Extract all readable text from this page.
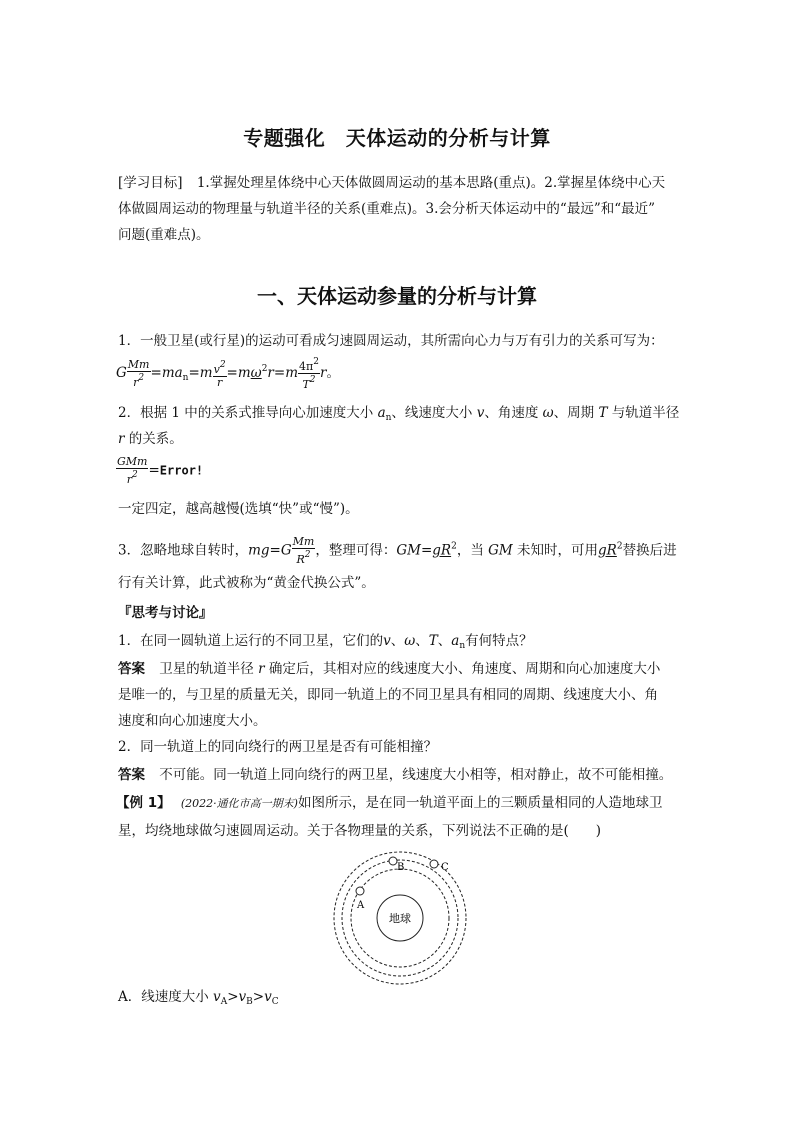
专题强化　天体运动的分析与计算
[学习目标] 1.掌握处理星体绕中心天体做圆周运动的基本思路(重点)。2.掌握星体绕中心天
体做圆周运动的物理量与轨道半径的关系(重难点)。3.会分析天体运动中的“最远”和“最近”
问题(重难点)。
一、天体运动参量的分析与计算
1．一般卫星(或行星)的运动可看成匀速圆周运动，其所需向心力与万有引力的关系可写为：
G $\frac{Mm}{r^2} =ma_n=m \frac{v^2}{r} =m\omega^2r=m \frac{4\pi^2}{T^2}$ r。
2．根据 1 中的关系式推导向心加速度大小 $a_n$、线速度大小 v、角速度 ω、周期 T 与轨道半径
r 的关系。
$\frac{\text{GMm}}{r^2}$ =Error!
一定四定，越高越慢(选填“快”或“慢”)。
3．忽略地球自转时，$mg=G \frac{Mm}{R^2}$ ，整理可得：$GM=gR^2$，当 GM 未知时，可用$gR^2$替换后进
行有关计算，此式被称为“黄金代换公式”。
『思考与讨论』
1．在同一圆轨道上运行的不同卫星，它们的v、ω、T、$a_n$有何特点？
答案 卫星的轨道半径 r 确定后，其相对应的线速度大小、角速度、周期和向心加速度大小
是唯一的，与卫星的质量无关，即同一轨道上的不同卫星具有相同的周期、线速度大小、角
速度和向心加速度大小。
2．同一轨道上的同向绕行的两卫星是否有可能相撞？
答案 不可能。同一轨道上同向绕行的两卫星，线速度大小相等，相对静止，故不可能相撞。
【例 1】 (2022·通化市高一期末)如图所示，是在同一轨道平面上的三颗质量相同的人造地球卫
星，均绕地球做匀速圆周运动。关于各物理量的关系，下列说法不正确的是(　　)
地球
A
B	C
A．线速度大小 $v_A>v_B>v_C$
